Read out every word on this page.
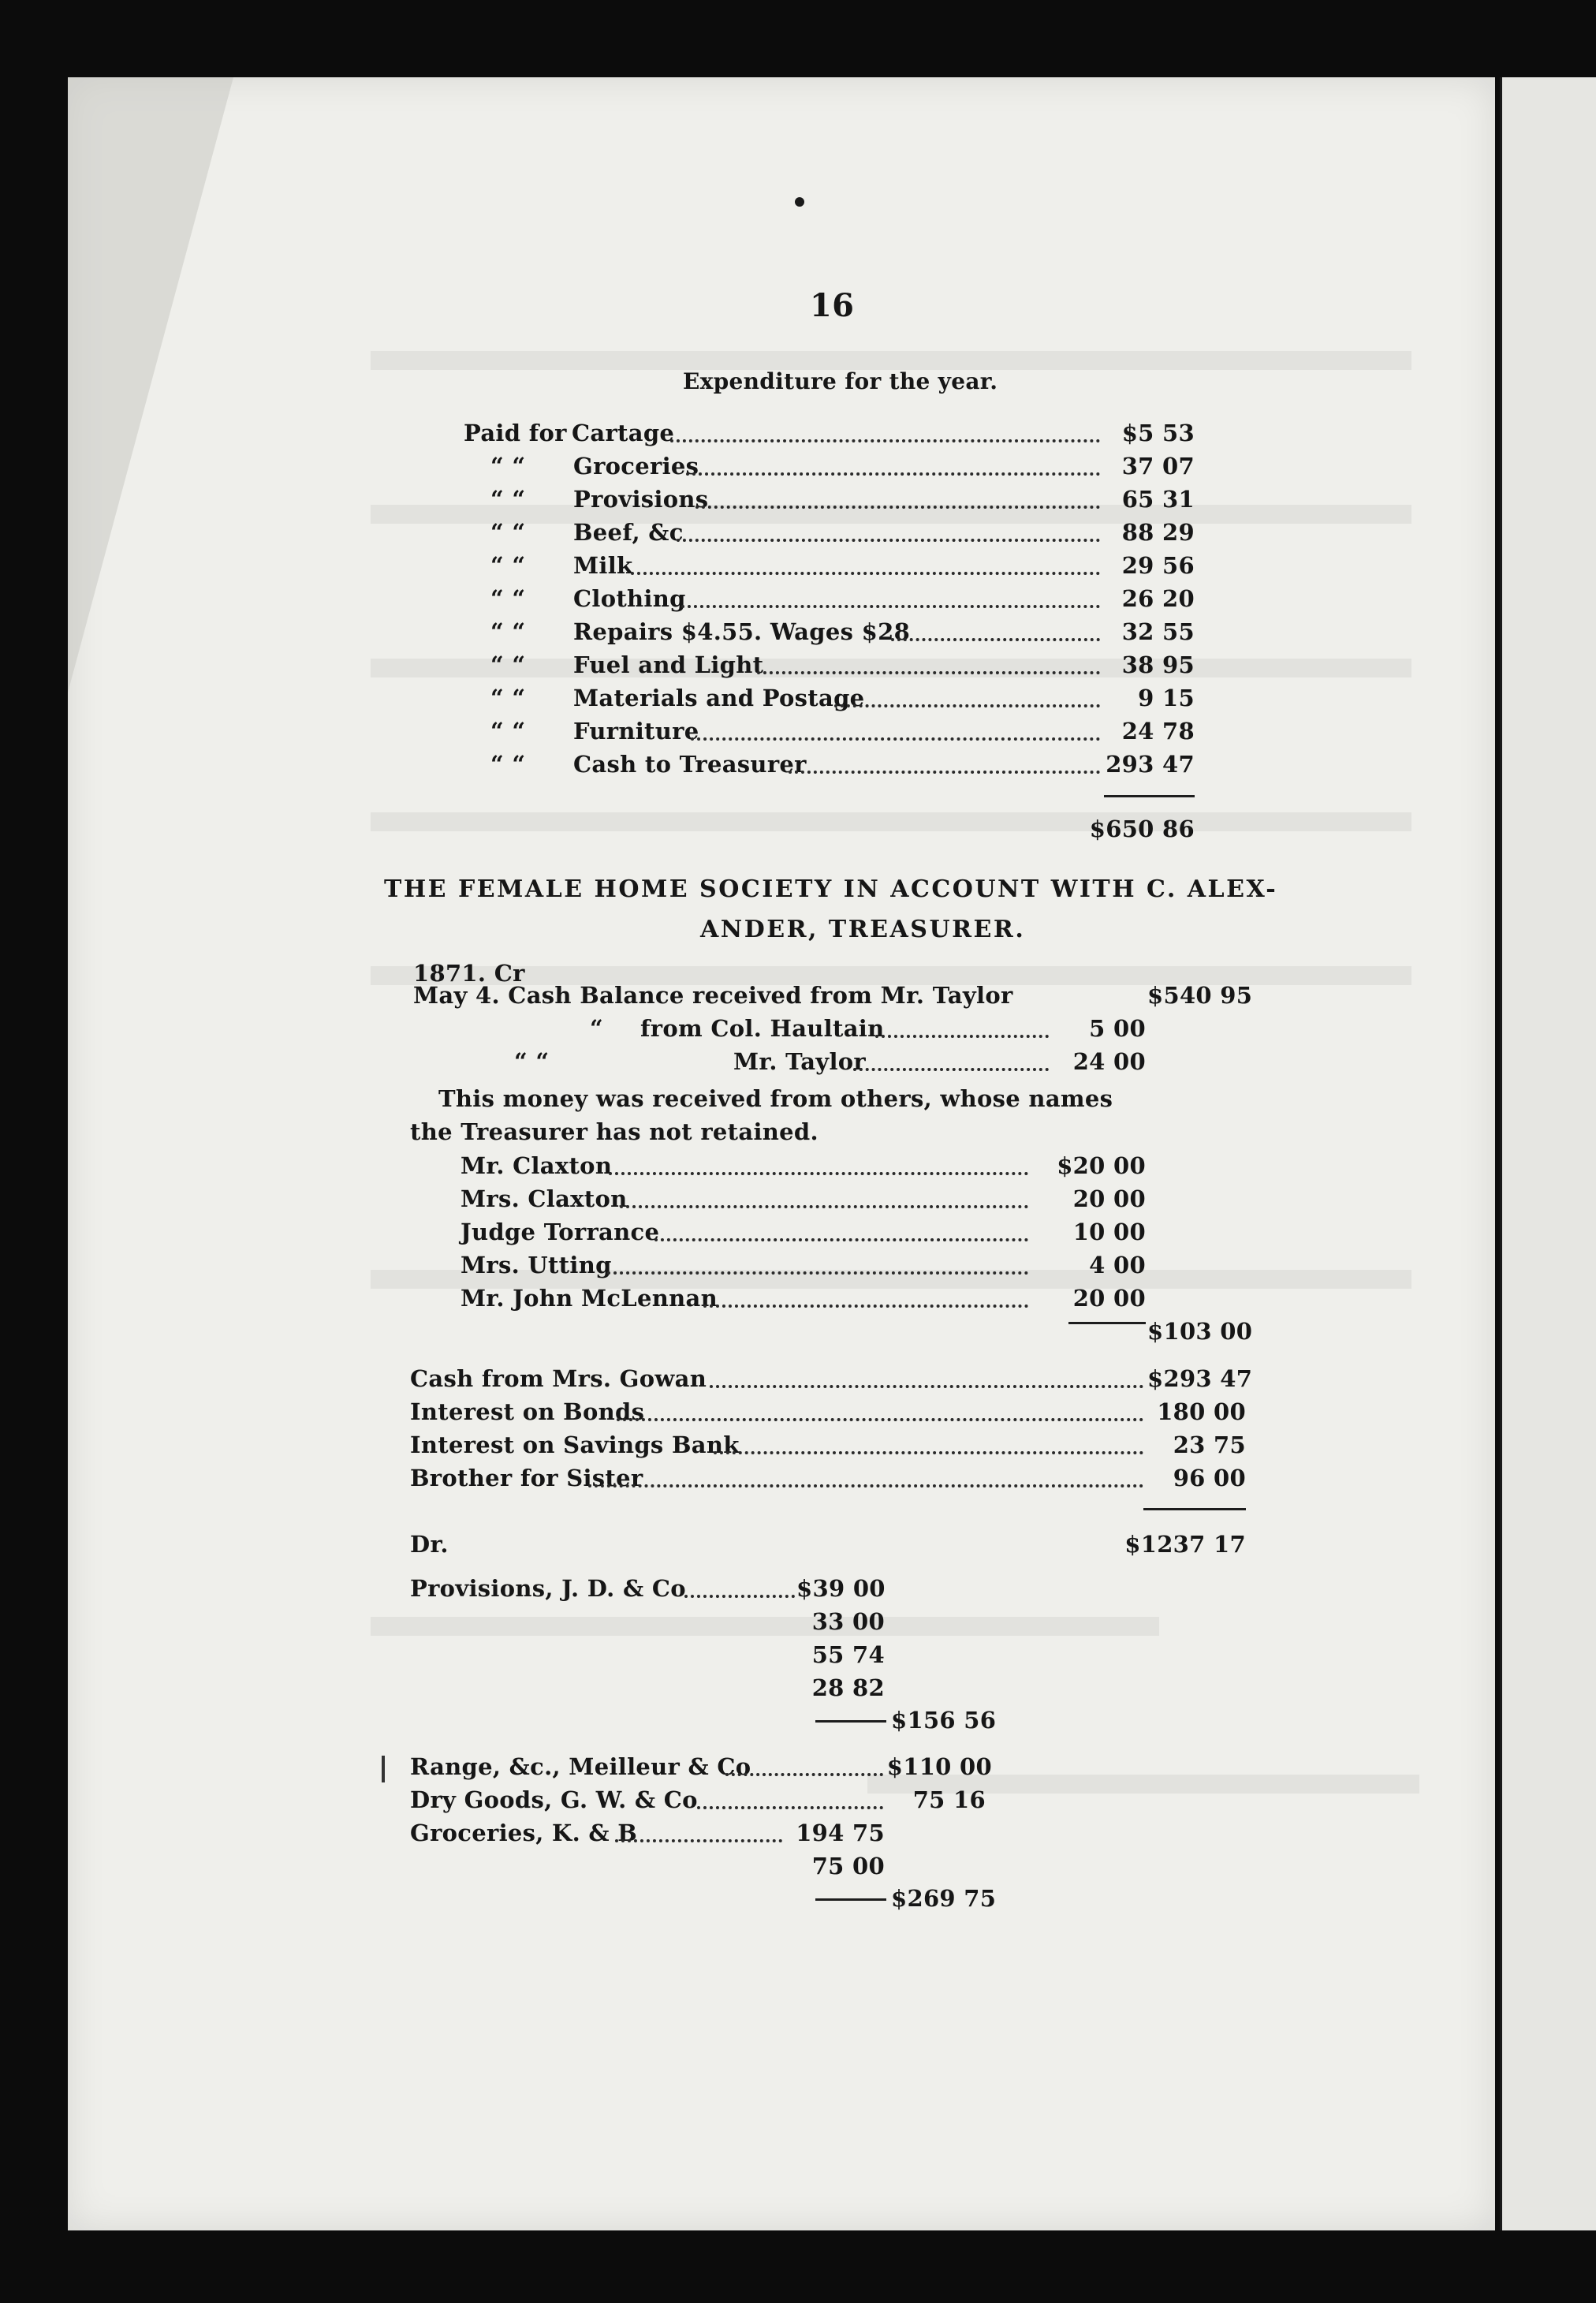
16
Expenditure for the year.
Paid for Cartage	$5 53
“ “ Groceries	37 07
“ “ Provisions	65 31
“ “ Beef, &c	88 29
“ “ Milk	29 56
“ “ Clothing	26 20
“ “ Repairs $4.55. Wages $28	32 55
“ “ Fuel and Light	38 95
“ “ Materials and Postage	9 15
“ “ Furniture	24 78
“ “ Cash to Treasurer	293 47
$650 86
THE FEMALE HOME SOCIETY IN ACCOUNT WITH C. ALEX-
ANDER, TREASURER.
1871. Cr
May 4. Cash Balance received from Mr. Taylor	$540 95
“ from Col. Haultain	5 00
“ “	Mr. Taylor	24 00
This money was received from others, whose names
the Treasurer has not retained.
Mr. Claxton	$20 00
Mrs. Claxton	20 00
Judge Torrance	10 00
Mrs. Utting	4 00
Mr. John McLennan	20 00
$103 00
Cash from Mrs. Gowan	$293 47
Interest on Bonds	180 00
Interest on Savings Bank	23 75
Brother for Sister	96 00
Dr.	$1237 17
Provisions, J. D. & Co	$39 00
33 00
55 74
28 82
$156 56
Range, &c., Meilleur & Co	$110 00
Dry Goods, G. W. & Co	75 16
Groceries, K. & B	194 75
75 00
$269 75
